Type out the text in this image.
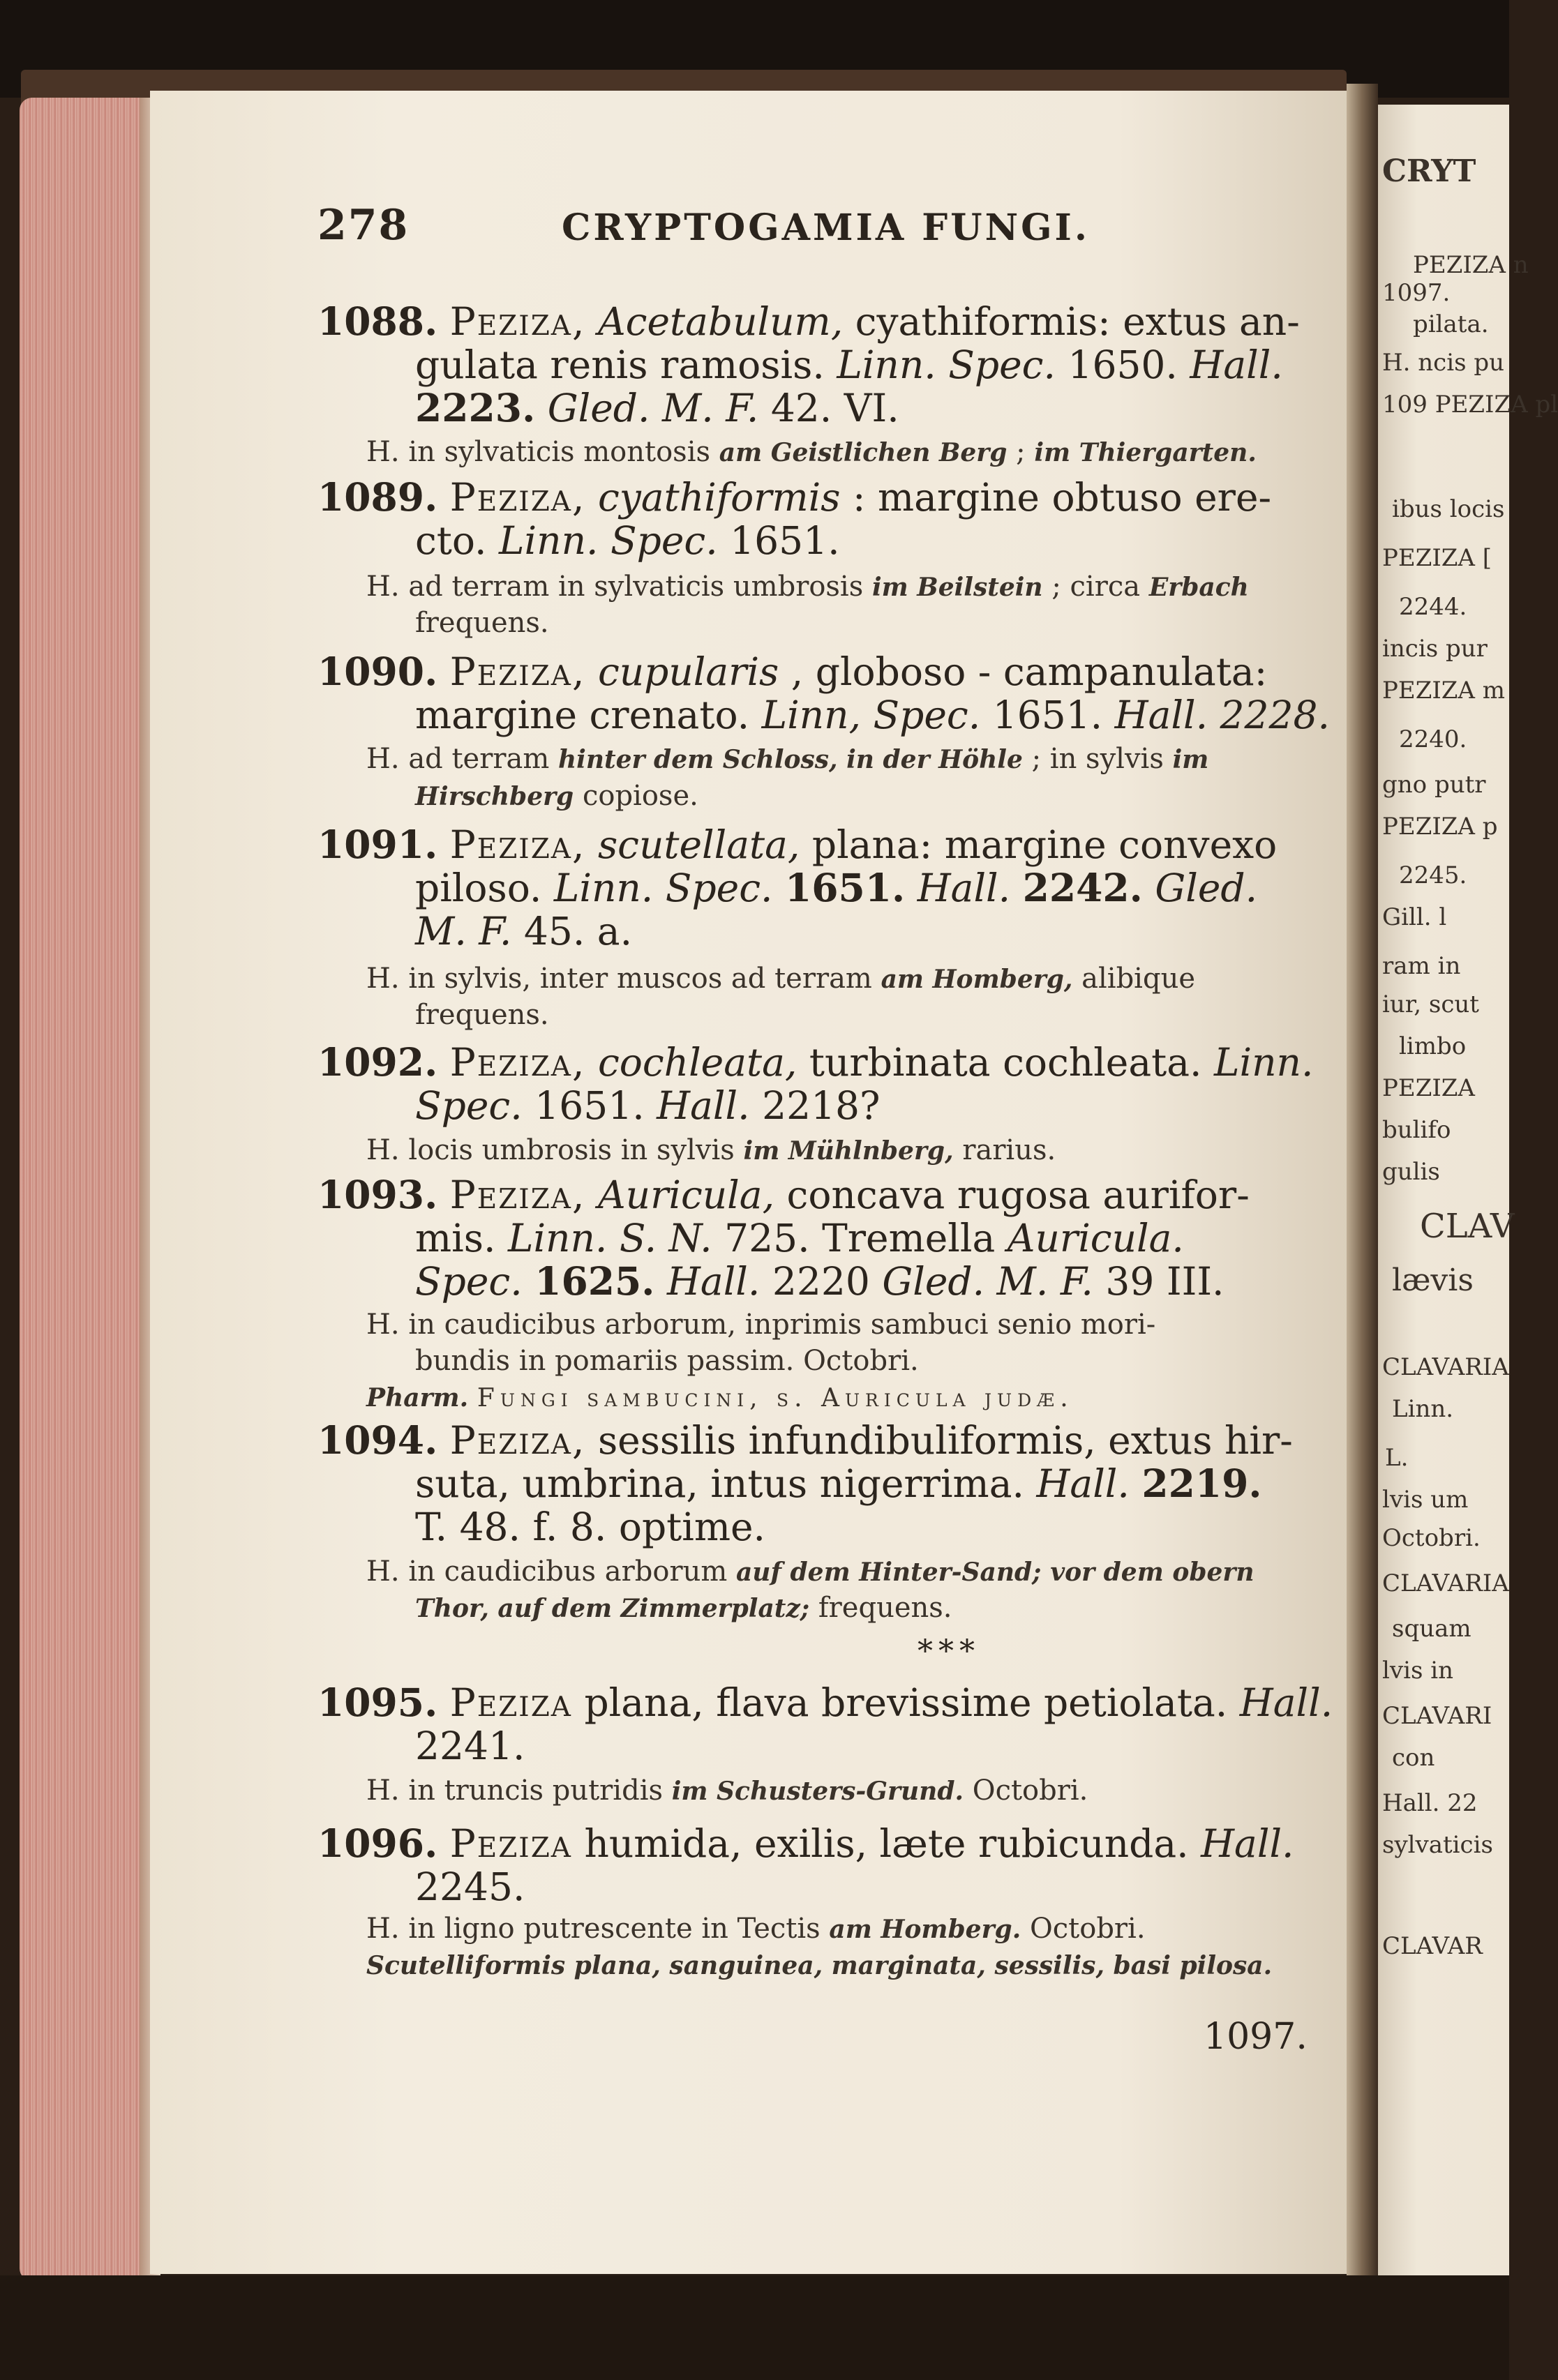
278	CRYPTOGAMIA FUNGI.
1088. Peziza, Acetabulum, cyathiformis: extus an-
gulata renis ramosis. Linn. Spec. 1650. Hall.
2223. Gled. M. F. 42. VI.
H. in sylvaticis montosis am Geistlichen Berg ; im Thiergarten.
1089. Peziza, cyathiformis : margine obtuso ere-
cto. Linn. Spec. 1651.
H. ad terram in sylvaticis umbrosis im Beilstein ; circa Erbach
frequens.
1090. Peziza, cupularis , globoso - campanulata:
margine crenato. Linn, Spec. 1651. Hall. 2228.
H. ad terram hinter dem Schloss, in der Höhle ; in sylvis im
Hirschberg copiose.
1091. Peziza, scutellata, plana: margine convexo
piloso. Linn. Spec. 1651. Hall. 2242. Gled.
M. F. 45. a.
H. in sylvis, inter muscos ad terram am Homberg, alibique
frequens.
1092. Peziza, cochleata, turbinata cochleata. Linn.
Spec. 1651. Hall. 2218?
H. locis umbrosis in sylvis im Mühlnberg, rarius.
1093. Peziza, Auricula, concava rugosa aurifor-
mis. Linn. S. N. 725. Tremella Auricula.
Spec. 1625. Hall. 2220 Gled. M. F. 39 III.
H. in caudicibus arborum, inprimis sambuci senio mori-
bundis in pomariis passim. Octobri.
Pharm. Fungi sambucini, s. Auricula judæ.
1094. Peziza, sessilis infundibuliformis, extus hir-
suta, umbrina, intus nigerrima. Hall. 2219.
T. 48. f. 8. optime.
H. in caudicibus arborum auf dem Hinter-Sand; vor dem obern
Thor, auf dem Zimmerplatz; frequens.
***
1095. Peziza plana, flava brevissime petiolata. Hall.
2241.
H. in truncis putridis im Schusters-Grund. Octobri.
1096. Peziza humida, exilis, læte rubicunda. Hall.
2245.
H. in ligno putrescente in Tectis am Homberg. Octobri.
Scutelliformis plana, sanguinea, marginata, sessilis, basi pilosa.
1097.
CRYT
1097.
PEZIZA n
pilata.
H. ncis pu
109 PEZIZA pl
ibus locis
PEZIZA [
2244.
incis pur
PEZIZA m
2240.
gno putr
PEZIZA p
2245.
Gill. l
ram in
iur, scut
limbo
PEZIZA
bulifo
gulis
CLAV
lævis
CLAVARIA
Linn.
L.
lvis um
Octobri.
CLAVARIA
squam
lvis in
CLAVARI
con
Hall. 22
sylvaticis
CLAVAR
